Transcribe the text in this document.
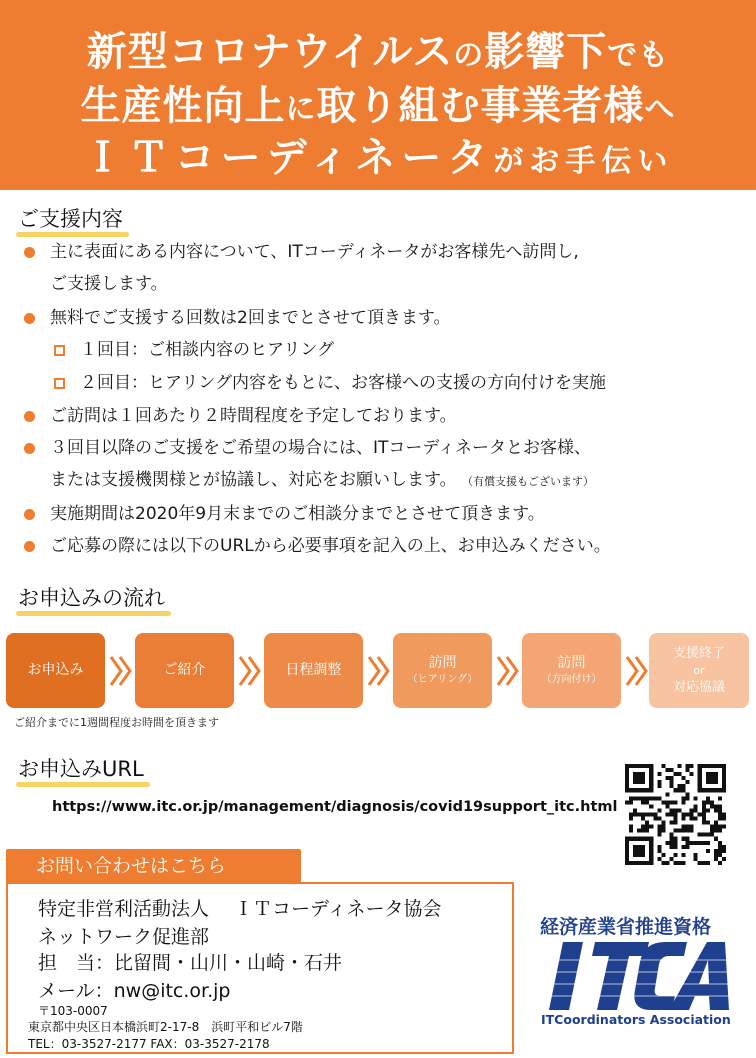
新型コロナウイルスの影響下でも
生産性向上に取り組む事業者様へ
ＩＴコーディネータがお手伝い
ご支援内容
主に表面にある内容について、ITコーディネータがお客様先へ訪問し,
ご支援します。
無料でご支援する回数は2回までとさせて頂きます。
１回目：ご相談内容のヒアリング
２回目：ヒアリング内容をもとに、お客様への支援の方向付けを実施
ご訪問は１回あたり２時間程度を予定しております。
３回目以降のご支援をご希望の場合には、ITコーディネータとお客様、
または支援機関様とが協議し、対応をお願いします。 （有償支援もございます）
実施期間は2020年9月末までのご相談分までとさせて頂きます。
ご応募の際には以下のURLから必要事項を記入の上、お申込みください。
お申込みの流れ
お申込み	ご紹介	日程調整	訪問
（ヒアリング）
訪問
（方向付け）
支援終了
or
対応協議
ご紹介までに1週間程度お時間を頂きます
お申込みURL
https://www.itc.or.jp/management/diagnosis/covid19support_itc.html
お問い合わせはこちら
特定非営利活動法人　 ＩＴコーディネータ協会
ネットワーク促進部
担　当：比留間・山川・山崎・石井
メール：nw@itc.or.jp
〒103-0007
東京都中央区日本橋浜町2-17-8　浜町平和ビル7階
TEL：03-3527-2177 FAX：03-3527-2178
経済産業省推進資格
ITCA
ITCoordinators Association
